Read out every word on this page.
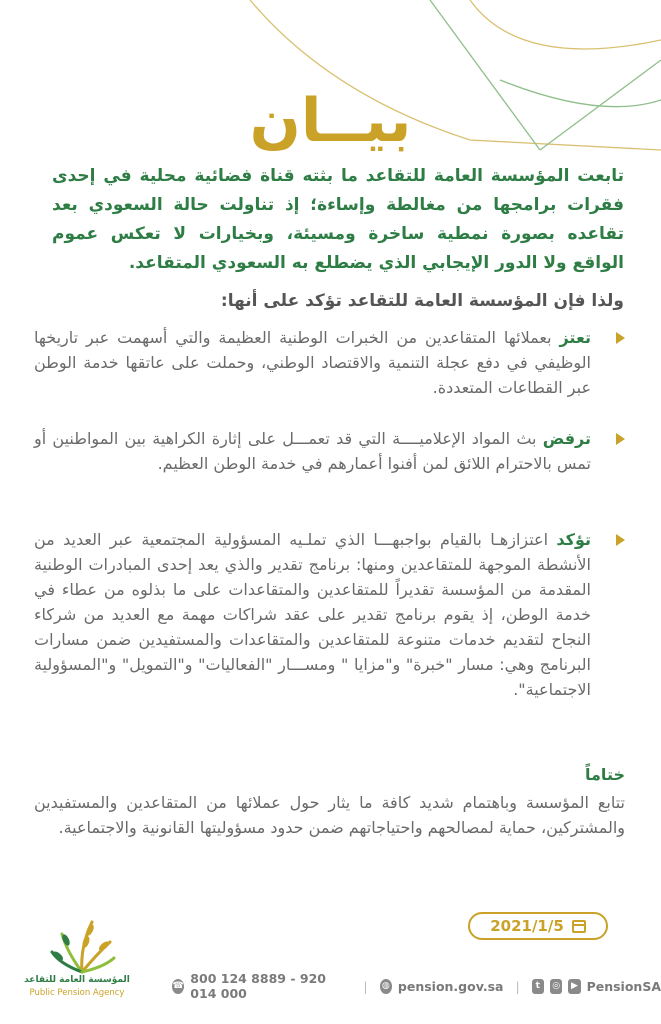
بيــان
تابعت المؤسسة العامة للتقاعد ما بثته قناة فضائية محلية في إحدى فقرات برامجها من مغالطة وإساءة؛ إذ تناولت حالة السعودي بعد تقاعده بصورة نمطية ساخرة ومسيئة، وبخيارات لا تعكس عموم الواقع ولا الدور الإيجابي الذي يضطلع به السعودي المتقاعد.
ولذا فإن المؤسسة العامة للتقاعد تؤكد على أنها:
تعتز بعملائها المتقاعدين من الخبرات الوطنية العظيمة والتي أسهمت عبر تاريخها الوظيفي في دفع عجلة التنمية والاقتصاد الوطني، وحملت على عاتقها خدمة الوطن عبر القطاعات المتعددة.
ترفض بث المواد الإعلاميــــة التي قد تعمـــل على إثارة الكراهية بين المواطنين أو تمس بالاحترام اللائق لمن أفنوا أعمارهم في خدمة الوطن العظيم.
تؤكد اعتزازهـا بالقيام بواجبهـــا الذي تملـيه المسؤولية المجتمعية عبر العديد من الأنشطة الموجهة للمتقاعدين ومنها: برنامج تقدير والذي يعد إحدى المبادرات الوطنية المقدمة من المؤسسة تقديراً للمتقاعدين والمتقاعدات على ما بذلوه من عطاء في خدمة الوطن، إذ يقوم برنامج تقدير على عقد شراكات مهمة مع العديد من شركاء النجاح لتقديم خدمات متنوعة للمتقاعدين والمتقاعدات والمستفيدين ضمن مسارات البرنامج وهي: مسار "خبرة" و"مزايا " ومســـار "الفعاليات" و"التمويل" و"المسؤولية الاجتماعية".
ختاماً
تتابع المؤسسة وباهتمام شديد كافة ما يثار حول عملائها من المتقاعدين والمستفيدين والمشتركين، حماية لمصالحهم واحتياجاتهم ضمن حدود مسؤوليتها القانونية والاجتماعية.
2021/1/5
المؤسسة العامة للتقاعد
Public Pension Agency
☎ 800 124 8889 - 920 014 000	| ◍ pension.gov.sa |	t	◎ ▶ PensionSA
